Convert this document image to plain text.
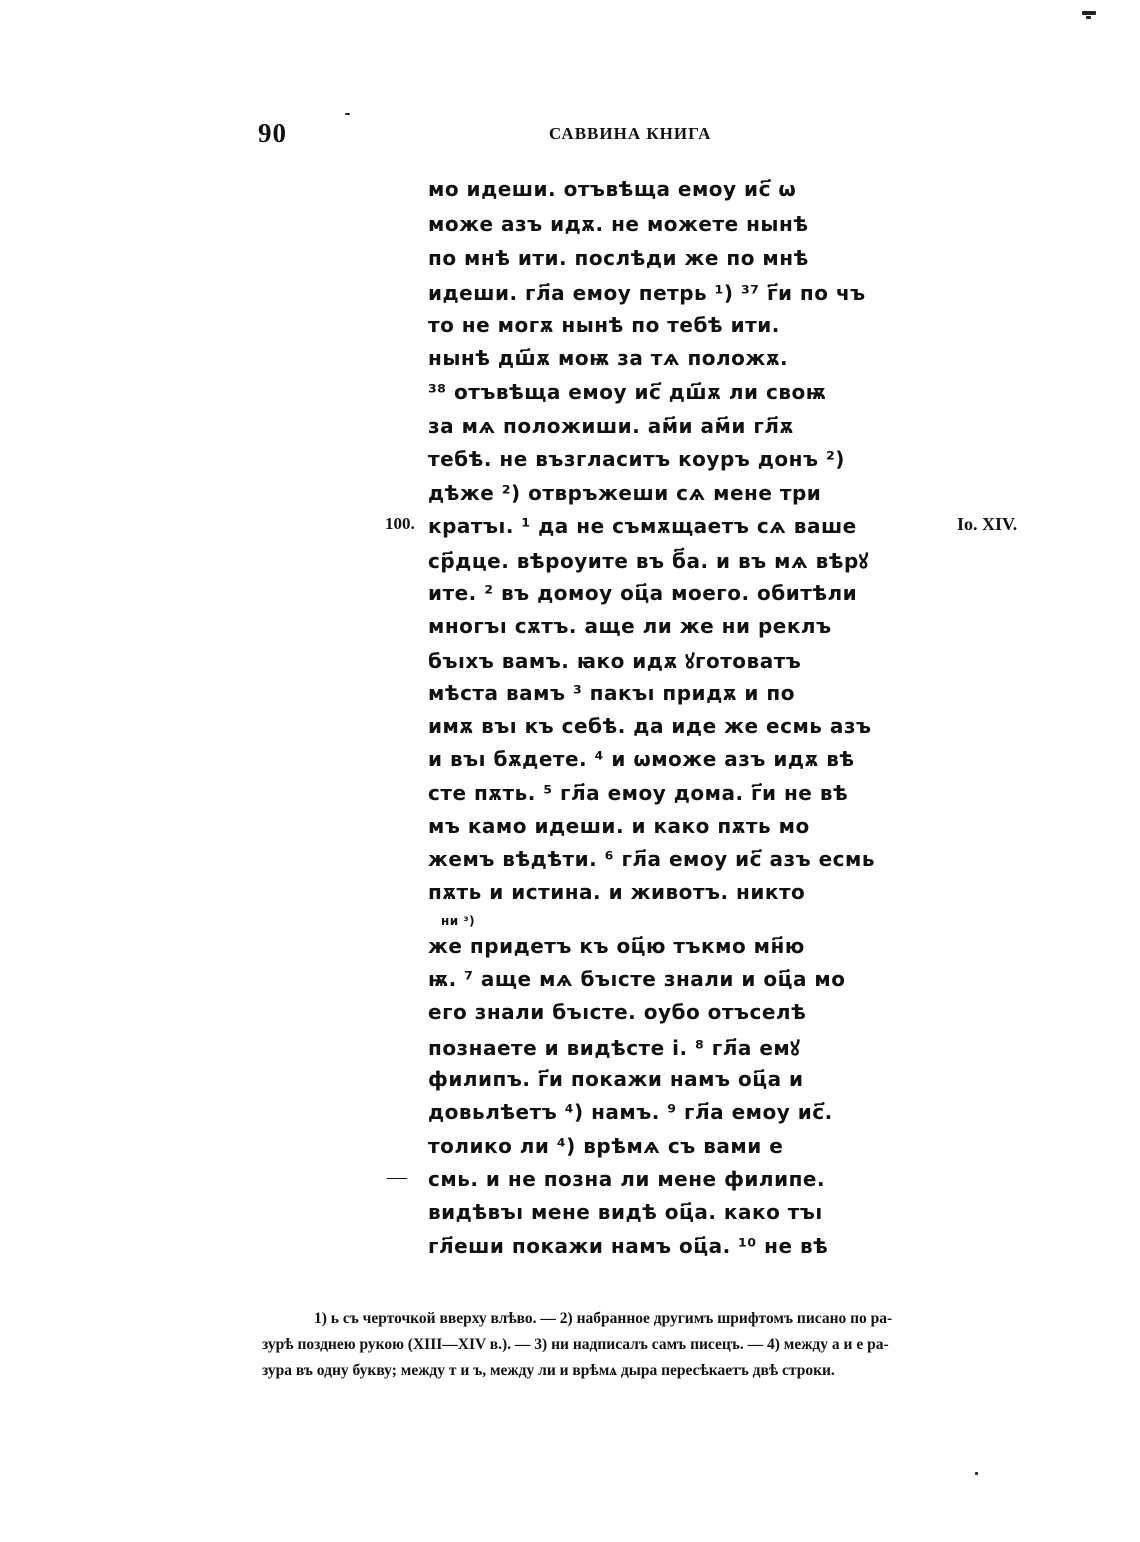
90	САВВИНА КНИГА
100.	Io. XIV.
—
мо идеши. отъвѣща емоу ис҃ ѡ
може азъ идѫ. не можете нынѣ
по мнѣ ити. послѣди же по мнѣ
идеши. гл҃а емоу петрь ¹) ³⁷ г҃и по чъ
то не могѫ нынѣ по тебѣ ити.
нынѣ дш҃ѫ моѭ за тѧ положѫ.
³⁸ отъвѣща емоу ис҃ дш҃ѫ ли своѭ
за мѧ положиши. ам҃и ам҃и гл҃ѫ
тебѣ. не възгласитъ коуръ донъ ²)
дѣже ²) отвръжеши сѧ мене три
кратъı. ¹ да не съмѫщаетъ сѧ ваше
ср҃дце. вѣроуите въ б҃а. и въ мѧ вѣрꙋ
ите. ² въ домоу оц҃а моего. обитѣли
многъı сѫтъ. аще ли же ни реклъ
бъıхъ вамъ. ꙗко идѫ ꙋготоватъ
мѣста вамъ ³ пакъı придѫ и по
имѫ въı къ себѣ. да иде же есмь азъ
и въı бѫдете. ⁴ и ѡможе азъ идѫ вѣ
сте пѫть. ⁵ гл҃а емоу дома. г҃и не вѣ
мъ камо идеши. и како пѫть мо
жемъ вѣдѣти. ⁶ гл҃а емоу ис҃ азъ есмь
пѫть и истина. и животъ. никто
ни ³)
же придетъ къ оц҃ю тъкмо мн҃ю
ѭ. ⁷ аще мѧ бъıсте знали и оц҃а мо
его знали бъıсте. оубо отъселѣ
познаете и видѣсте і. ⁸ гл҃а емꙋ
филипъ. г҃и покажи намъ оц҃а и
довьлѣетъ ⁴) намъ. ⁹ гл҃а емоу ис҃.
толико ли ⁴) врѣмѧ съ вами е
смь. и не позна ли мене филипе.
видѣвъı мене видѣ оц҃а. како тъı
гл҃еши покажи намъ оц҃а. ¹⁰ не вѣ
1) ь съ черточкой вверху влѣво. — 2) набранное другимъ шрифтомъ писано по ра-
зурѣ позднею рукою (XIII—XIV в.). — 3) ни надписалъ самъ писецъ. — 4) между а и е ра-
зура въ одну букву; между т и ъ, между ли и врѣмѧ дыра пересѣкаетъ двѣ строки.
